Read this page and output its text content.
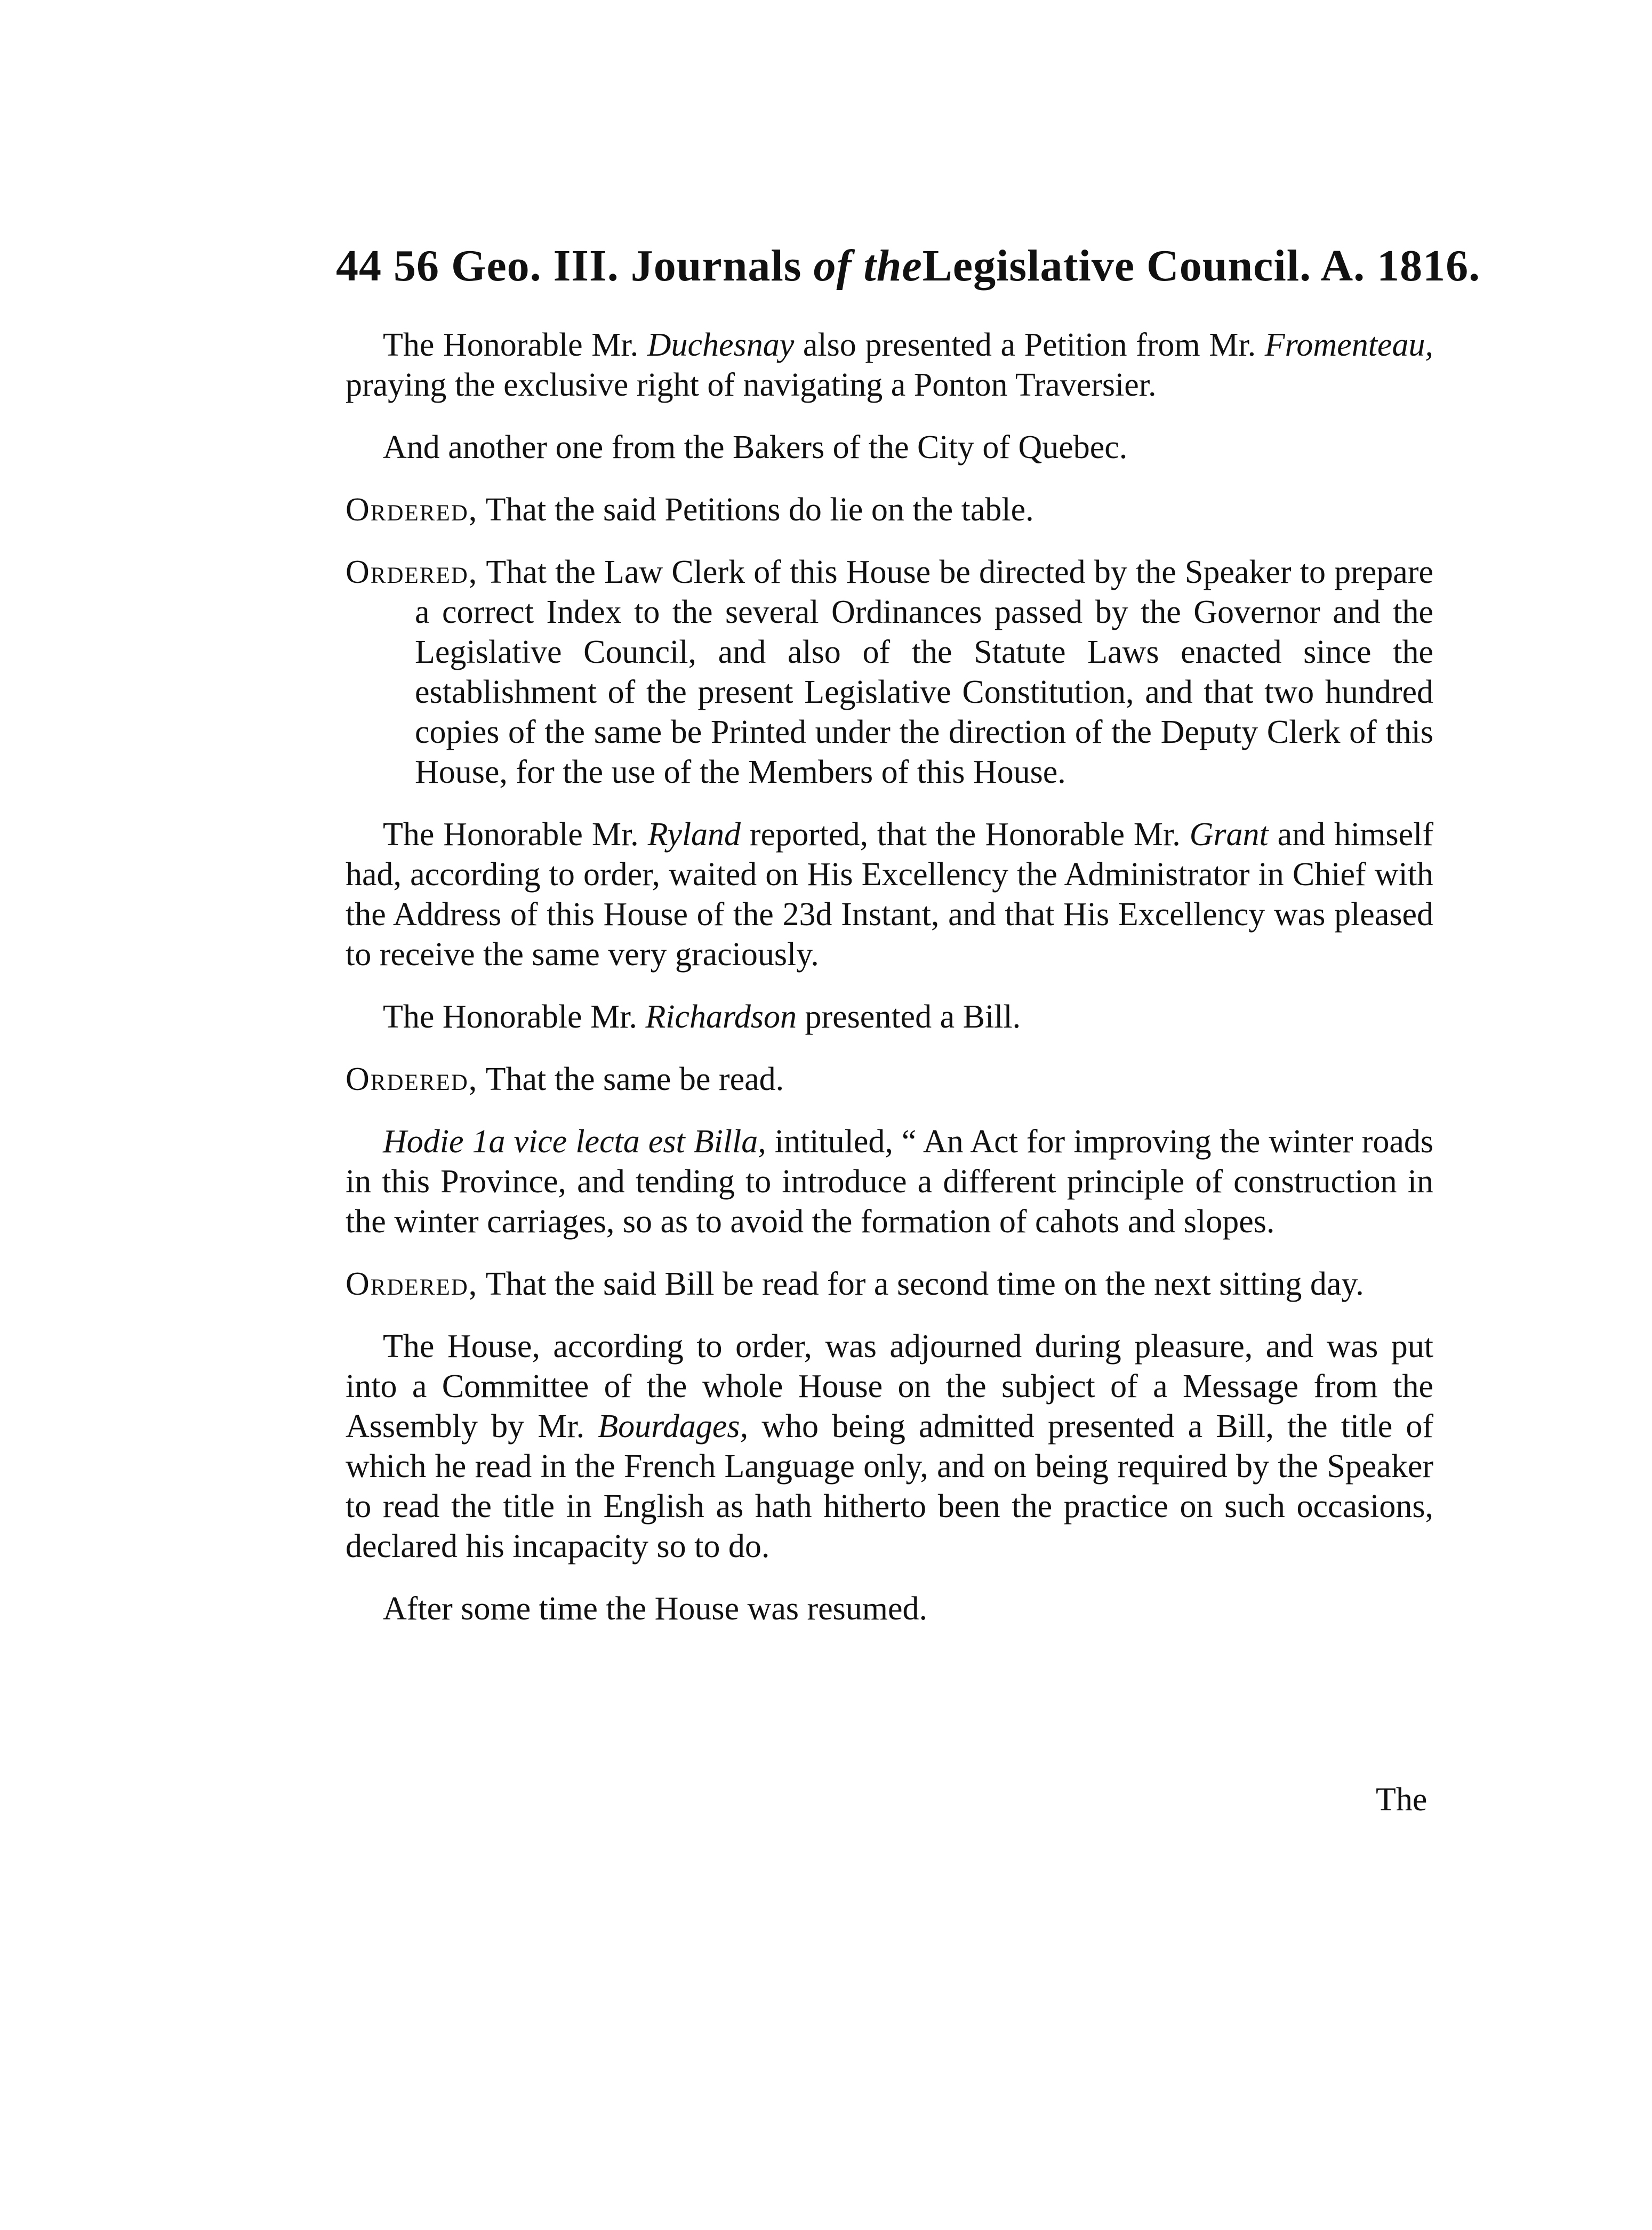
44 56 Geo. III. Journals of theLegislative Council. A. 1816.

The Honorable Mr. Duchesnay also presented a Petition from Mr. Fromenteau, praying the exclusive right of navigating a Ponton Traversier.

And another one from the Bakers of the City of Quebec.

Ordered, That the said Petitions do lie on the table.

Ordered, That the Law Clerk of this House be directed by the Speaker to prepare a correct Index to the several Ordinances passed by the Governor and the Legislative Council, and also of the Statute Laws enacted since the establishment of the present Legislative Constitution, and that two hundred copies of the same be Printed under the direction of the Deputy Clerk of this House, for the use of the Members of this House.

The Honorable Mr. Ryland reported, that the Honorable Mr. Grant and himself had, according to order, waited on His Excellency the Administrator in Chief with the Address of this House of the 23d Instant, and that His Excellency was pleased to receive the same very graciously.

The Honorable Mr. Richardson presented a Bill.

Ordered, That the same be read.

Hodie 1a vice lecta est Billa, intituled, “ An Act for improving the winter roads in this Province, and tending to introduce a different principle of construction in the winter carriages, so as to avoid the formation of cahots and slopes.

Ordered, That the said Bill be read for a second time on the next sitting day.

The House, according to order, was adjourned during pleasure, and was put into a Committee of the whole House on the subject of a Message from the Assembly by Mr. Bourdages, who being admitted presented a Bill, the title of which he read in the French Language only, and on being required by the Speaker to read the title in English as hath hitherto been the practice on such occasions, declared his incapacity so to do.

After some time the House was resumed.

The
